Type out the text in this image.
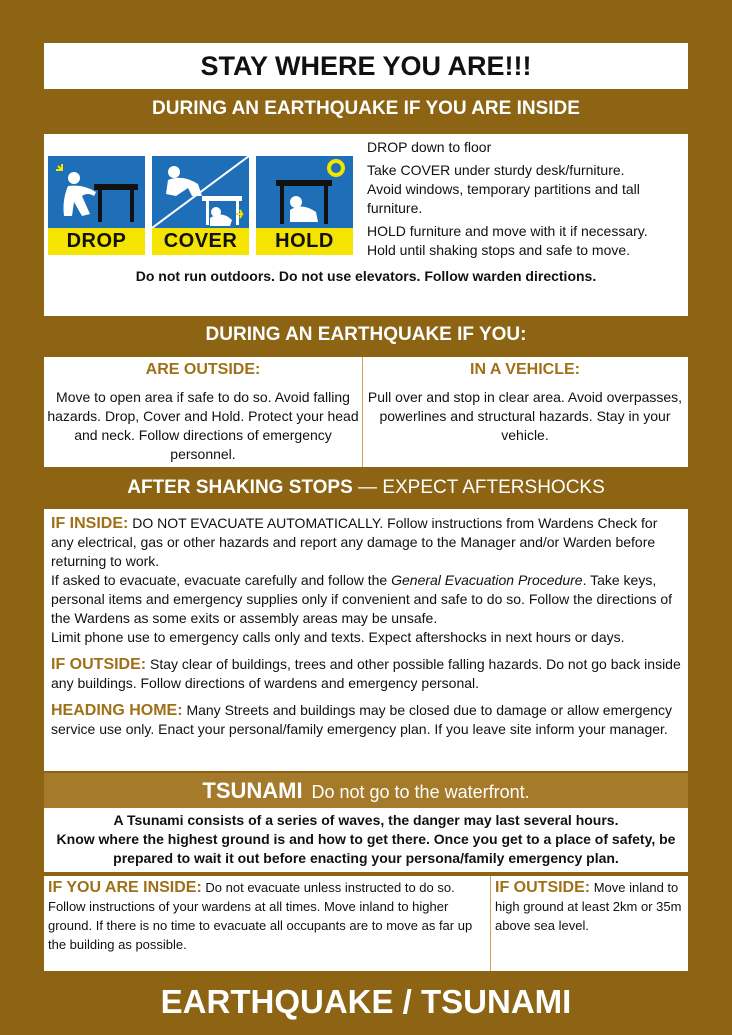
STAY WHERE YOU ARE!!!
DURING AN EARTHQUAKE IF YOU ARE INSIDE
DROP	COVER	HOLD
DROP down to floor
Take COVER under sturdy desk/furniture.
Avoid windows, temporary partitions and tall
furniture.
HOLD furniture and move with it if necessary.
Hold until shaking stops and safe to move.
Do not run outdoors. Do not use elevators. Follow warden directions.
DURING AN EARTHQUAKE IF YOU:
ARE OUTSIDE:
Move to open area if safe to do so. Avoid falling hazards. Drop, Cover and Hold. Protect your head and neck. Follow directions of emergency personnel.
IN A VEHICLE:
Pull over and stop in clear area. Avoid overpasses, powerlines and structural hazards. Stay in your vehicle.
AFTER SHAKING STOPS — EXPECT AFTERSHOCKS

IF INSIDE: DO NOT EVACUATE AUTOMATICALLY. Follow instructions from Wardens Check for any electrical, gas or other hazards and report any damage to the Manager and/or Warden before returning to work.

If asked to evacuate, evacuate carefully and follow the General Evacuation Procedure. Take keys, personal items and emergency supplies only if convenient and safe to do so. Follow the directions of the Wardens as some exits or assembly areas may be unsafe.

Limit phone use to emergency calls only and texts. Expect aftershocks in next hours or days.

IF OUTSIDE: Stay clear of buildings, trees and other possible falling hazards. Do not go back inside any buildings. Follow directions of wardens and emergency personal.

HEADING HOME: Many Streets and buildings may be closed due to damage or allow emergency service use only. Enact your personal/family emergency plan. If you leave site inform your manager.

TSUNAMI Do not go to the waterfront.
A Tsunami consists of a series of waves, the danger may last several hours.
Know where the highest ground is and how to get there. Once you get to a place of safety, be prepared to wait it out before enacting your persona/family emergency plan.
IF YOU ARE INSIDE: Do not evacuate unless instructed to do so. Follow instructions of your wardens at all times. Move inland to higher ground. If there is no time to evacuate all occupants are to move as far up the building as possible.
IF OUTSIDE: Move inland to high ground at least 2km or 35m above sea level.
EARTHQUAKE / TSUNAMI
